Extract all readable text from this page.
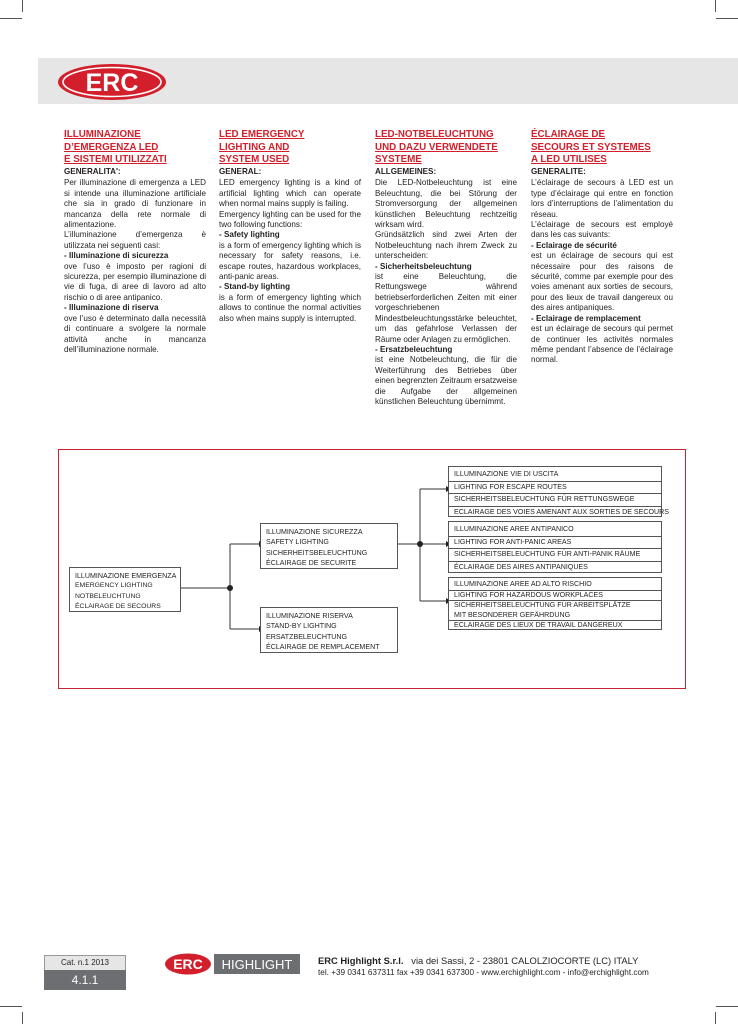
ERC
ILLUMINAZIONE
D’EMERGENZA LED
E SISTEMI UTILIZZATI

GENERALITA':

Per illuminazione di emergenza a LED si intende una illuminazione artificiale che sia in grado di funzionare in mancanza della rete normale di alimentazione.

L’illuminazione d’emergenza è utilizzata nei seguenti casi:

- Illuminazione di sicurezza

ove l’uso è imposto per ragioni di sicurezza, per esempio illuminazione di vie di fuga, di aree di lavoro ad alto rischio o di aree antipanico.

- Illuminazione di riserva

ove l’uso è determinato dalla necessità di continuare a svolgere la normale attività anche in mancanza dell’illuminazione normale.

LED EMERGENCY
LIGHTING AND
SYSTEM USED

GENERAL:

LED emergency lighting is a kind of artificial lighting which can operate when normal mains supply is failing.

Emergency lighting can be used for the two following functions:

- Safety lighting

is a form of emergency lighting which is necessary for safety reasons, i.e. escape routes, hazardous workplaces, anti-panic areas.

- Stand-by lighting

is a form of emergency lighting which allows to continue the normal activities also when mains supply is interrupted.

LED-NOTBELEUCHTUNG
UND DAZU VERWENDETE
SYSTEME

ALLGEMEINES:

Die LED-Notbeleuchtung ist eine Beleuchtung, die bei Störung der Stromversorgung der allgemeinen künstlichen Beleuchtung rechtzeitig wirksam wird.

Gründsätzlich sind zwei Arten der Notbeleuchtung nach ihrem Zweck zu unterscheiden:

- Sicherheitsbeleuchtung

ist eine Beleuchtung, die Rettungswege während betriebserforderlichen Zeiten mit einer vorgeschriebenen Mindestbeleuchtungsstärke beleuchtet, um das gefahrlose Verlassen der Räume oder Anlagen zu ermöglichen.

- Ersatzbeleuchtung

ist eine Notbeleuchtung, die für die Weiterführung des Betriebes über einen begrenzten Zeitraum ersatzweise die Aufgabe der allgemeinen künstlichen Beleuchtung übernimmt.

ÉCLAIRAGE DE
SECOURS ET SYSTEMES
A LED UTILISES

GENERALITE:

L’éclairage de secours à LED est un type d’éclairage qui entre en fonction lors d’interruptions de l’alimentation du réseau.

L’éclairage de secours est employé dans les cas suivants:

- Eclairage de sécurité

est un éclairage de secours qui est nécessaire pour des raisons de sécurité, comme par exemple pour des voies amenant aux sorties de secours, pour des lieux de travail dangereux ou des aires antipaniques.

- Eclairage de remplacement

est un éclairage de secours qui permet de continuer les activités normales même pendant l’absence de l’éclairage normal.

ILLUMINAZIONE EMERGENZA
EMERGENCY LIGHTING
NOTBELEUCHTUNG
ÉCLAIRAGE DE SECOURS
ILLUMINAZIONE SICUREZZA
SAFETY LIGHTING
SICHERHEITSBELEUCHTUNG
ÉCLAIRAGE DE SECURITE
ILLUMINAZIONE RISERVA
STAND-BY LIGHTING
ERSATZBELEUCHTUNG
ÉCLAIRAGE DE REMPLACEMENT
ILLUMINAZIONE VIE DI USCITA
LIGHTING FOR ESCAPE ROUTES
SICHERHEITSBELEUCHTUNG FÜR RETTUNGSWEGE
ECLAIRAGE DES VOIES AMENANT AUX SORTIES DE SECOURS
ILLUMINAZIONE AREE ANTIPANICO
LIGHTING FOR ANTI-PANIC AREAS
SICHERHEITSBELEUCHTUNG FÜR ANTI-PANIK RÄUME
ÉCLAIRAGE DES AIRES ANTIPANIQUES
ILLUMINAZIONE AREE AD ALTO RISCHIO
LIGHTING FOR HAZARDOUS WORKPLACES
SICHERHEITSBELEUCHTUNG FÜR ARBEITSPLÄTZE
MIT BESONDERER GEFÄHRDUNG
ECLAIRAGE DES LIEUX DE TRAVAIL DANGEREUX
Cat. n.1 2013
4.1.1
ERC HIGHLIGHT	ERC Highlight S.r.l. via dei Sassi, 2 - 23801 CALOLZIOCORTE (LC) ITALY
tel. +39 0341 637311 fax +39 0341 637300 - www.erchighlight.com - info@erchighlight.com
